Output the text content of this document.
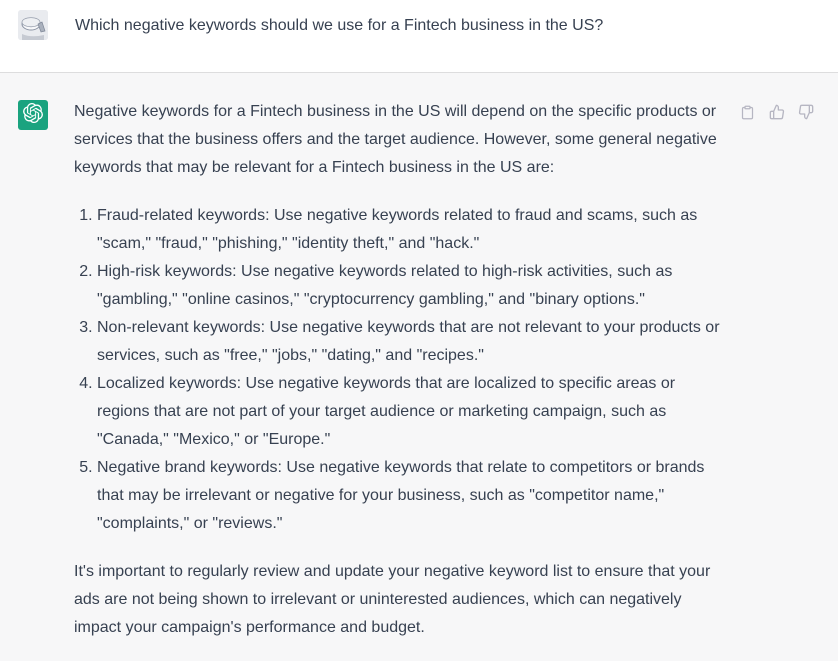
Which negative keywords should we use for a Fintech business in the US?

Negative keywords for a Fintech business in the US will depend on the specific products or services that the business offers and the target audience. However, some general negative keywords that may be relevant for a Fintech business in the US are:

1. Fraud-related keywords: Use negative keywords related to fraud and scams, such as "scam," "fraud," "phishing," "identity theft," and "hack."
2. High-risk keywords: Use negative keywords related to high-risk activities, such as "gambling," "online casinos," "cryptocurrency gambling," and "binary options."
3. Non-relevant keywords: Use negative keywords that are not relevant to your products or services, such as "free," "jobs," "dating," and "recipes."
4. Localized keywords: Use negative keywords that are localized to specific areas or regions that are not part of your target audience or marketing campaign, such as "Canada," "Mexico," or "Europe."
5. Negative brand keywords: Use negative keywords that relate to competitors or brands that may be irrelevant or negative for your business, such as "competitor name," "complaints," or "reviews."

It's important to regularly review and update your negative keyword list to ensure that your ads are not being shown to irrelevant or uninterested audiences, which can negatively impact your campaign's performance and budget.
